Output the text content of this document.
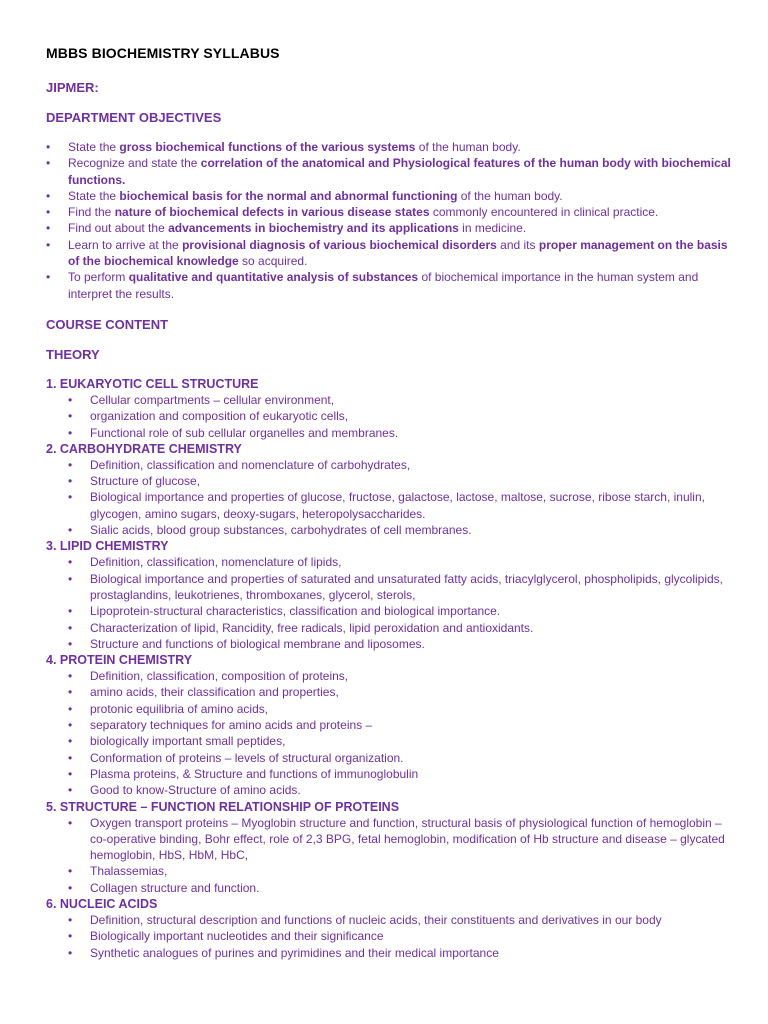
MBBS BIOCHEMISTRY SYLLABUS
JIPMER:
DEPARTMENT OBJECTIVES
• State the gross biochemical functions of the various systems of the human body.
• Recognize and state the correlation of the anatomical and Physiological features of the human body with biochemical functions.
• State the biochemical basis for the normal and abnormal functioning of the human body.
• Find the nature of biochemical defects in various disease states commonly encountered in clinical practice.
• Find out about the advancements in biochemistry and its applications in medicine.
• Learn to arrive at the provisional diagnosis of various biochemical disorders and its proper management on the basis of the biochemical knowledge so acquired.
• To perform qualitative and quantitative analysis of substances of biochemical importance in the human system and interpret the results.
COURSE CONTENT
THEORY
1. EUKARYOTIC CELL STRUCTURE
• Cellular compartments – cellular environment,
• organization and composition of eukaryotic cells,
• Functional role of sub cellular organelles and membranes.
2. CARBOHYDRATE CHEMISTRY
• Definition, classification and nomenclature of carbohydrates,
• Structure of glucose,
• Biological importance and properties of glucose, fructose, galactose, lactose, maltose, sucrose, ribose starch, inulin, glycogen, amino sugars, deoxy-sugars, heteropolysaccharides.
• Sialic acids, blood group substances, carbohydrates of cell membranes.
3. LIPID CHEMISTRY
• Definition, classification, nomenclature of lipids,
• Biological importance and properties of saturated and unsaturated fatty acids, triacylglycerol, phospholipids, glycolipids, prostaglandins, leukotrienes, thromboxanes, glycerol, sterols,
• Lipoprotein-structural characteristics, classification and biological importance.
• Characterization of lipid, Rancidity, free radicals, lipid peroxidation and antioxidants.
• Structure and functions of biological membrane and liposomes.
4. PROTEIN CHEMISTRY
• Definition, classification, composition of proteins,
• amino acids, their classification and properties,
• protonic equilibria of amino acids,
• separatory techniques for amino acids and proteins –
• biologically important small peptides,
• Conformation of proteins – levels of structural organization.
• Plasma proteins, & Structure and functions of immunoglobulin
• Good to know-Structure of amino acids.
5. STRUCTURE – FUNCTION RELATIONSHIP OF PROTEINS
• Oxygen transport proteins – Myoglobin structure and function, structural basis of physiological function of hemoglobin – co-operative binding, Bohr effect, role of 2,3 BPG, fetal hemoglobin, modification of Hb structure and disease – glycated hemoglobin, HbS, HbM, HbC,
• Thalassemias,
• Collagen structure and function.
6. NUCLEIC ACIDS
• Definition, structural description and functions of nucleic acids, their constituents and derivatives in our body
• Biologically important nucleotides and their significance
• Synthetic analogues of purines and pyrimidines and their medical importance
